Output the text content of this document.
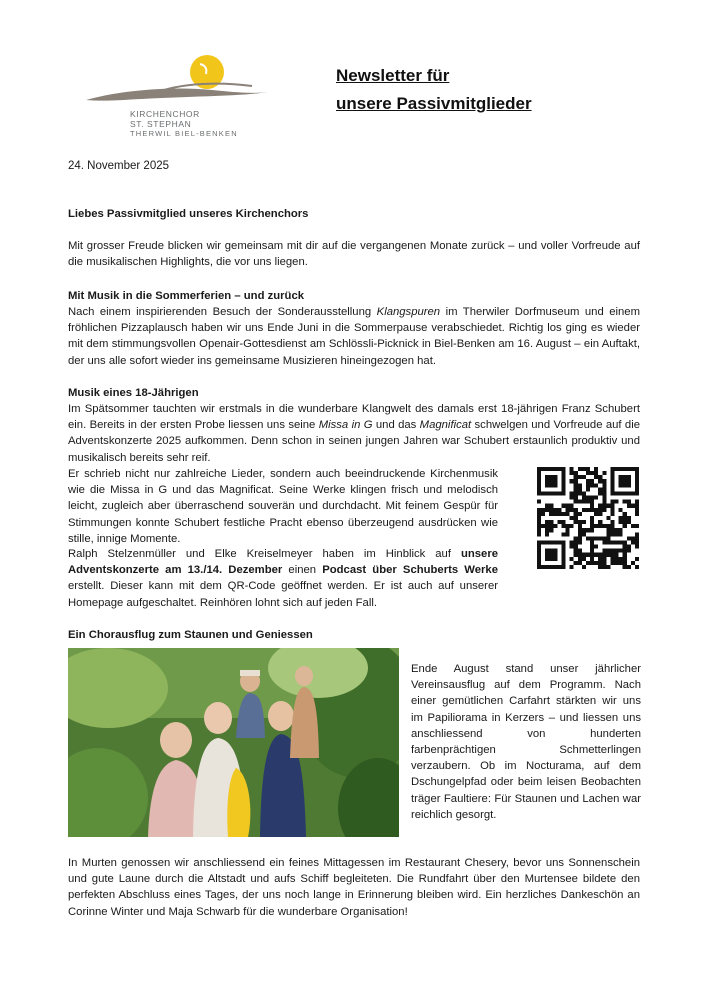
KIRCHENCHOR
ST. STEPHAN
THERWIL BIEL-BENKEN
Newsletter für
unsere Passivmitglieder
24. November 2025
Liebes Passivmitglied unseres Kirchenchors
Mit grosser Freude blicken wir gemeinsam mit dir auf die vergangenen Monate zurück – und voller Vorfreude auf die musikalischen Highlights, die vor uns liegen.
Mit Musik in die Sommerferien – und zurück
Nach einem inspirierenden Besuch der Sonderausstellung Klangspuren im Therwiler Dorfmuseum und einem fröhlichen Pizzaplausch haben wir uns Ende Juni in die Sommerpause verabschiedet. Richtig los ging es wieder mit dem stimmungsvollen Openair-Gottesdienst am Schlössli-Picknick in Biel-Benken am 16. August – ein Auftakt, der uns alle sofort wieder ins gemeinsame Musizieren hineingezogen hat.
Musik eines 18-Jährigen
Im Spätsommer tauchten wir erstmals in die wunderbare Klangwelt des damals erst 18-jährigen Franz Schubert ein. Bereits in der ersten Probe liessen uns seine Missa in G und das Magnificat schwelgen und Vorfreude auf die Adventskonzerte 2025 aufkommen. Denn schon in seinen jungen Jahren war Schubert erstaunlich produktiv und musikalisch bereits sehr reif.
Er schrieb nicht nur zahlreiche Lieder, sondern auch beeindruckende Kirchenmusik wie die Missa in G und das Magnificat. Seine Werke klingen frisch und melodisch leicht, zugleich aber überraschend souverän und durchdacht. Mit feinem Gespür für Stimmungen konnte Schubert festliche Pracht ebenso überzeugend ausdrücken wie stille, innige Momente.
Ralph Stelzenmüller und Elke Kreiselmeyer haben im Hinblick auf unsere Adventskonzerte am 13./14. Dezember einen Podcast über Schuberts Werke erstellt. Dieser kann mit dem QR-Code geöffnet werden. Er ist auch auf unserer Homepage aufgeschaltet. Reinhören lohnt sich auf jeden Fall.
Ein Chorausflug zum Staunen und Geniessen
Ende August stand unser jährlicher Vereinsausflug auf dem Programm. Nach einer gemütlichen Carfahrt stärkten wir uns im Papiliorama in Kerzers – und liessen uns anschliessend von hunderten farbenprächtigen Schmetterlingen verzaubern. Ob im Nocturama, auf dem Dschungelpfad oder beim leisen Beobachten träger Faultiere: Für Staunen und Lachen war reichlich gesorgt.
In Murten genossen wir anschliessend ein feines Mittagessen im Restaurant Chesery, bevor uns Sonnenschein und gute Laune durch die Altstadt und aufs Schiff begleiteten. Die Rundfahrt über den Murtensee bildete den perfekten Abschluss eines Tages, der uns noch lange in Erinnerung bleiben wird. Ein herzliches Dankeschön an Corinne Winter und Maja Schwarb für die wunderbare Organisation!
